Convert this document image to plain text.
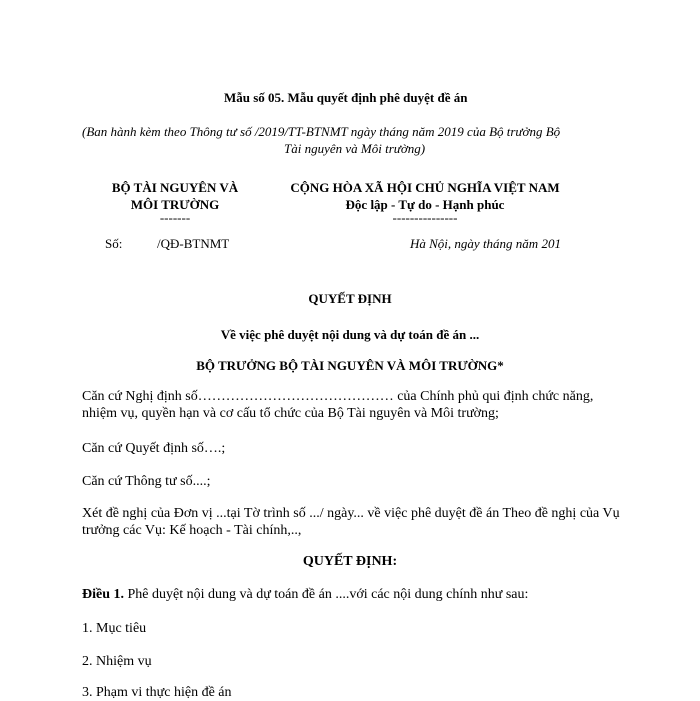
Mẫu số 05. Mẫu quyết định phê duyệt đề án
(Ban hành kèm theo Thông tư số /2019/TT-BTNMT ngày tháng năm 2019 của Bộ trưởng Bộ
Tài nguyên và Môi trường)
BỘ TÀI NGUYÊN VÀ
MÔI TRƯỜNG
-------
CỘNG HÒA XÃ HỘI CHỦ NGHĨA VIỆT NAM
Độc lập - Tự do - Hạnh phúc
---------------
Số:	/QĐ-BTNMT	Hà Nội, ngày tháng năm 201
QUYẾT ĐỊNH
Về việc phê duyệt nội dung và dự toán đề án ...
BỘ TRƯỞNG BỘ TÀI NGUYÊN VÀ MÔI TRƯỜNG*
Căn cứ Nghị định số…………………………………… của Chính phủ qui định chức năng,
nhiệm vụ, quyền hạn và cơ cấu tổ chức của Bộ Tài nguyên và Môi trường;
Căn cứ Quyết định số….;
Căn cứ Thông tư số....;
Xét đề nghị của Đơn vị ...tại Tờ trình số .../ ngày... về việc phê duyệt đề án Theo đề nghị của Vụ
trưởng các Vụ: Kế hoạch - Tài chính,..,
QUYẾT ĐỊNH:
Điều 1. Phê duyệt nội dung và dự toán đề án ....với các nội dung chính như sau:
1. Mục tiêu
2. Nhiệm vụ
3. Phạm vi thực hiện đề án
